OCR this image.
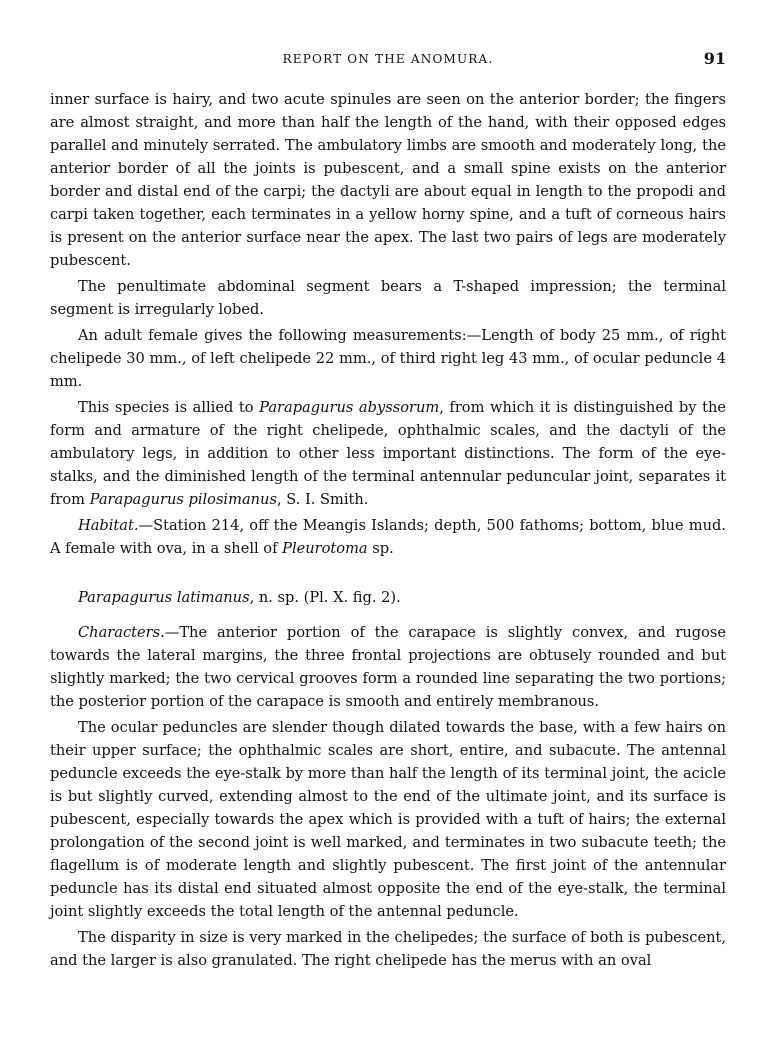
REPORT ON THE ANOMURA.	91

inner surface is hairy, and two acute spinules are seen on the anterior border; the fingers are almost straight, and more than half the length of the hand, with their opposed edges parallel and minutely serrated. The ambulatory limbs are smooth and moderately long, the anterior border of all the joints is pubescent, and a small spine exists on the anterior border and distal end of the carpi; the dactyli are about equal in length to the propodi and carpi taken together, each terminates in a yellow horny spine, and a tuft of corneous hairs is present on the anterior surface near the apex. The last two pairs of legs are moderately pubescent.

The penultimate abdominal segment bears a T-shaped impression; the terminal segment is irregularly lobed.

An adult female gives the following measurements:—Length of body 25 mm., of right chelipede 30 mm., of left chelipede 22 mm., of third right leg 43 mm., of ocular peduncle 4 mm.

This species is allied to Parapagurus abyssorum, from which it is distinguished by the form and armature of the right chelipede, ophthalmic scales, and the dactyli of the ambulatory legs, in addition to other less important distinctions. The form of the eye-stalks, and the diminished length of the terminal antennular peduncular joint, separates it from Parapagurus pilosimanus, S. I. Smith.

Habitat.—Station 214, off the Meangis Islands; depth, 500 fathoms; bottom, blue mud. A female with ova, in a shell of Pleurotoma sp.

Parapagurus latimanus, n. sp. (Pl. X. fig. 2).

Characters.—The anterior portion of the carapace is slightly convex, and rugose towards the lateral margins, the three frontal projections are obtusely rounded and but slightly marked; the two cervical grooves form a rounded line separating the two portions; the posterior portion of the carapace is smooth and entirely membranous.

The ocular peduncles are slender though dilated towards the base, with a few hairs on their upper surface; the ophthalmic scales are short, entire, and subacute. The antennal peduncle exceeds the eye-stalk by more than half the length of its terminal joint, the acicle is but slightly curved, extending almost to the end of the ultimate joint, and its surface is pubescent, especially towards the apex which is provided with a tuft of hairs; the external prolongation of the second joint is well marked, and terminates in two subacute teeth; the flagellum is of moderate length and slightly pubescent. The first joint of the antennular peduncle has its distal end situated almost opposite the end of the eye-stalk, the terminal joint slightly exceeds the total length of the antennal peduncle.

The disparity in size is very marked in the chelipedes; the surface of both is pubescent, and the larger is also granulated. The right chelipede has the merus with an oval
